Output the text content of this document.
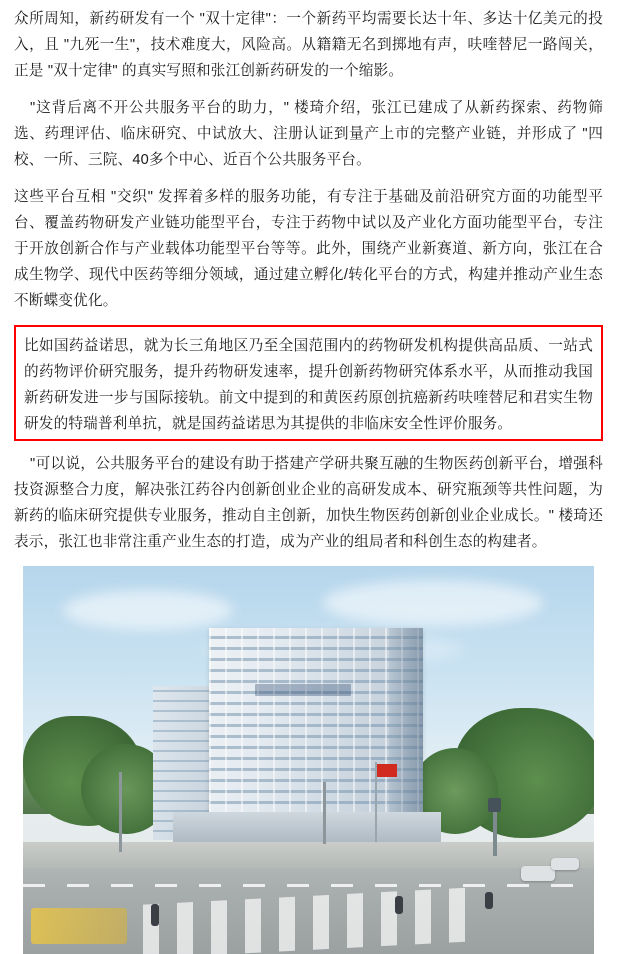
众所周知，新药研发有一个 "双十定律"：一个新药平均需要长达十年、多达十亿美元的投入，且 "九死一生"，技术难度大，风险高。从籍籍无名到掷地有声，呋喹替尼一路闯关，正是 "双十定律" 的真实写照和张江创新药研发的一个缩影。

"这背后离不开公共服务平台的助力，" 楼琦介绍，张江已建成了从新药探索、药物筛选、药理评估、临床研究、中试放大、注册认证到量产上市的完整产业链，并形成了 "四校、一所、三院、40多个中心、近百个公共服务平台。

这些平台互相 "交织" 发挥着多样的服务功能，有专注于基础及前沿研究方面的功能型平台、覆盖药物研发产业链功能型平台，专注于药物中试以及产业化方面功能型平台，专注于开放创新合作与产业载体功能型平台等等。此外，围绕产业新赛道、新方向，张江在合成生物学、现代中医药等细分领域，通过建立孵化/转化平台的方式，构建并推动产业生态不断蝶变优化。

比如国药益诺思，就为长三角地区乃至全国范围内的药物研发机构提供高品质、一站式的药物评价研究服务，提升药物研发速率，提升创新药物研究体系水平，从而推动我国新药研发进一步与国际接轨。前文中提到的和黄医药原创抗癌新药呋喹替尼和君实生物研发的特瑞普利单抗，就是国药益诺思为其提供的非临床安全性评价服务。

"可以说，公共服务平台的建设有助于搭建产学研共聚互融的生物医药创新平台，增强科技资源整合力度，解决张江药谷内创新创业企业的高研发成本、研究瓶颈等共性问题，为新药的临床研究提供专业服务，推动自主创新，加快生物医药创新创业企业成长。" 楼琦还表示，张江也非常注重产业生态的打造，成为产业的组局者和科创生态的构建者。
